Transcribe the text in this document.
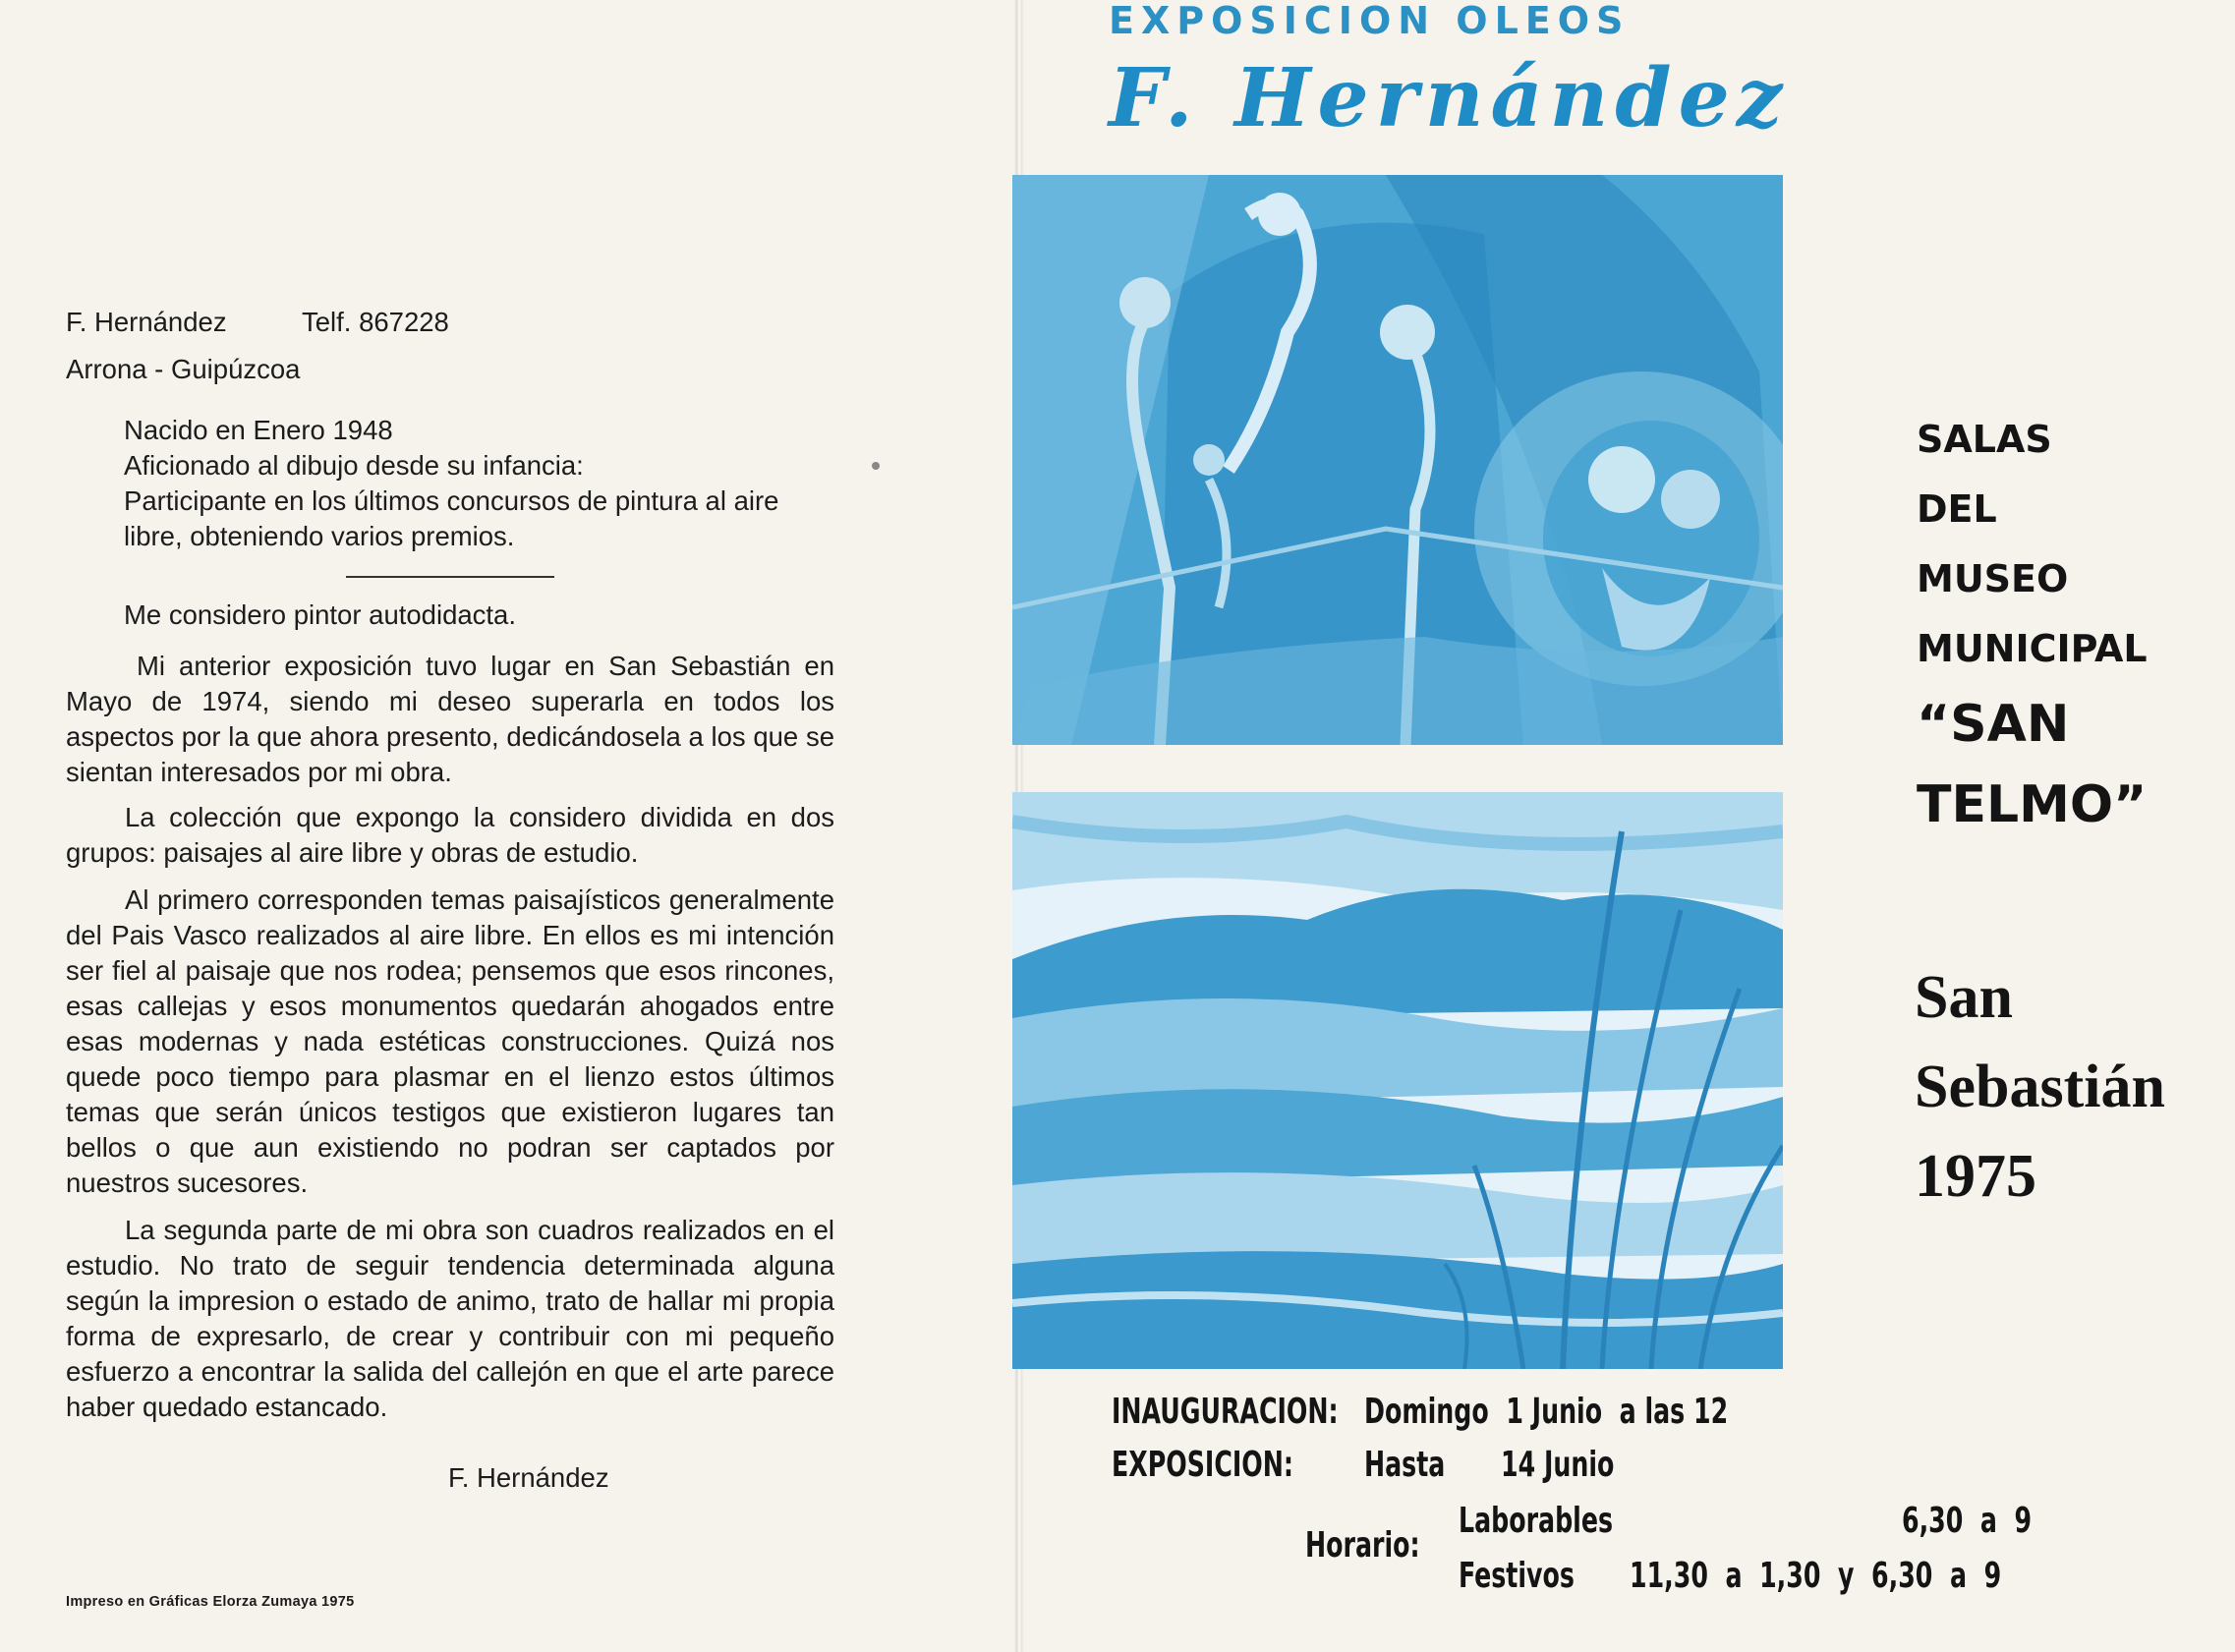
F. Hernández	Telf. 867228
Arrona - Guipúzcoa
Nacido en Enero 1948
Aficionado al dibujo desde su infancia:
Participante en los últimos concursos de pintura al aire
libre, obteniendo varios premios.
Me considero pintor autodidacta.
Mi anterior exposición tuvo lugar en San Sebastián en Mayo de 1974, siendo mi deseo superarla en todos los aspectos por la que ahora presento, dedicándosela a los que se sientan interesados por mi obra.
La colección que expongo la considero dividida en dos grupos: paisajes al aire libre y obras de estudio.
Al primero corresponden temas paisajísticos generalmente del Pais Vasco realizados al aire libre. En ellos es mi intención ser fiel al paisaje que nos rodea; pensemos que esos rincones, esas callejas y esos monumentos quedarán ahogados entre esas modernas y nada estéticas construcciones. Quizá nos quede poco tiempo para plasmar en el lienzo estos últimos temas que serán únicos testigos que existieron lugares tan bellos o que aun existiendo no podran ser captados por nuestros sucesores.
La segunda parte de mi obra son cuadros realizados en el estudio. No trato de seguir tendencia determinada alguna según la impresion o estado de animo, trato de hallar mi propia forma de expresarlo, de crear y contribuir con mi pequeño esfuerzo a encontrar la salida del callejón en que el arte parece haber quedado estancado.
F. Hernández
Impreso en Gráficas Elorza Zumaya 1975
EXPOSICION OLEOS
F. Hernández
SALAS
DEL
MUSEO
MUNICIPAL
“SAN
TELMO”
San
Sebastián
1975
INAUGURACION: Domingo  1 Junio  a las 12
EXPOSICION: Hasta 14 Junio
Horario:
Laborables	6,30  a  9
Festivos 11,30  a  1,30  y  6,30  a  9
